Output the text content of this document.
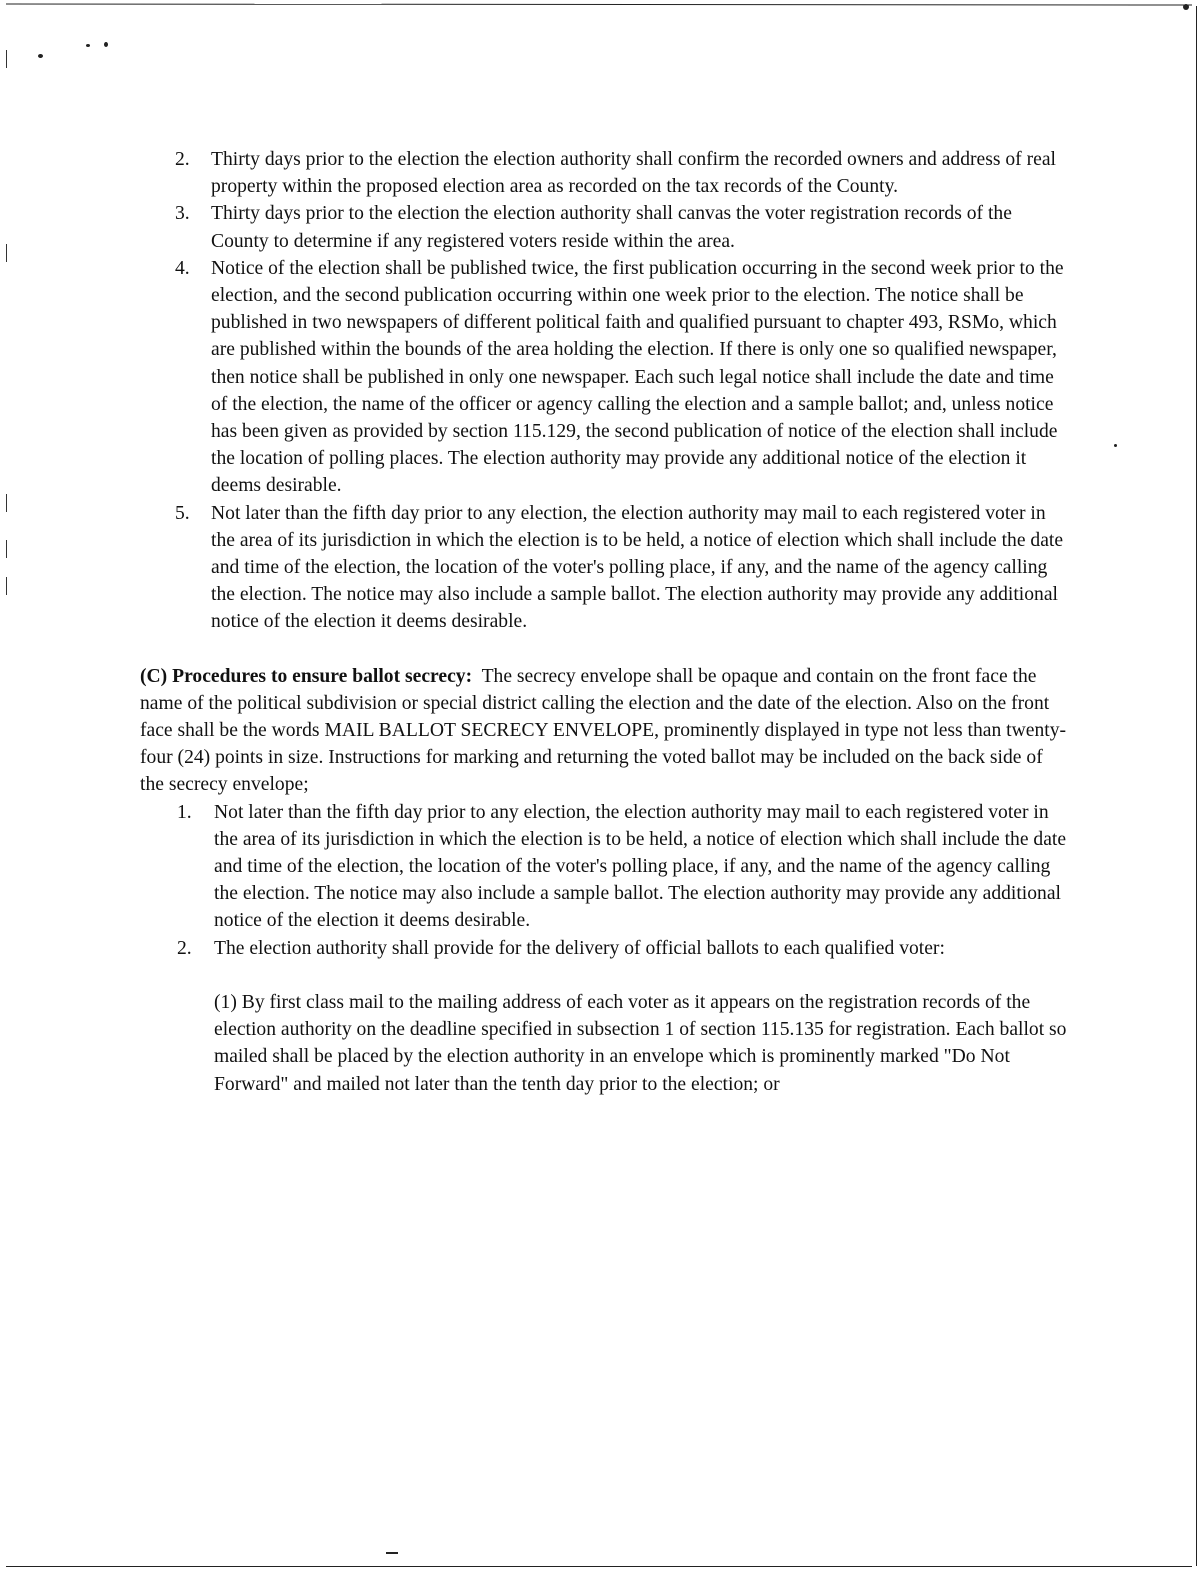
2. Thirty days prior to the election the election authority shall confirm the recorded owners and address of real property within the proposed election area as recorded on the tax records of the County.
3. Thirty days prior to the election the election authority shall canvas the voter registration records of the County to determine if any registered voters reside within the area.
4. Notice of the election shall be published twice, the first publication occurring in the second week prior to the election, and the second publication occurring within one week prior to the election. The notice shall be published in two newspapers of different political faith and qualified pursuant to chapter 493, RSMo, which are published within the bounds of the area holding the election. If there is only one so qualified newspaper, then notice shall be published in only one newspaper. Each such legal notice shall include the date and time of the election, the name of the officer or agency calling the election and a sample ballot; and, unless notice has been given as provided by section 115.129, the second publication of notice of the election shall include the location of polling places. The election authority may provide any additional notice of the election it deems desirable.
5. Not later than the fifth day prior to any election, the election authority may mail to each registered voter in the area of its jurisdiction in which the election is to be held, a notice of election which shall include the date and time of the election, the location of the voter's polling place, if any, and the name of the agency calling the election. The notice may also include a sample ballot. The election authority may provide any additional notice of the election it deems desirable.

(C) Procedures to ensure ballot secrecy: The secrecy envelope shall be opaque and contain on the front face the name of the political subdivision or special district calling the election and the date of the election. Also on the front face shall be the words MAIL BALLOT SECRECY ENVELOPE, prominently displayed in type not less than twenty-four (24) points in size. Instructions for marking and returning the voted ballot may be included on the back side of the secrecy envelope;

1. Not later than the fifth day prior to any election, the election authority may mail to each registered voter in the area of its jurisdiction in which the election is to be held, a notice of election which shall include the date and time of the election, the location of the voter's polling place, if any, and the name of the agency calling the election. The notice may also include a sample ballot. The election authority may provide any additional notice of the election it deems desirable.
2. The election authority shall provide for the delivery of official ballots to each qualified voter:
(1) By first class mail to the mailing address of each voter as it appears on the registration records of the election authority on the deadline specified in subsection 1 of section 115.135 for registration. Each ballot so mailed shall be placed by the election authority in an envelope which is prominently marked "Do Not Forward" and mailed not later than the tenth day prior to the election; or
